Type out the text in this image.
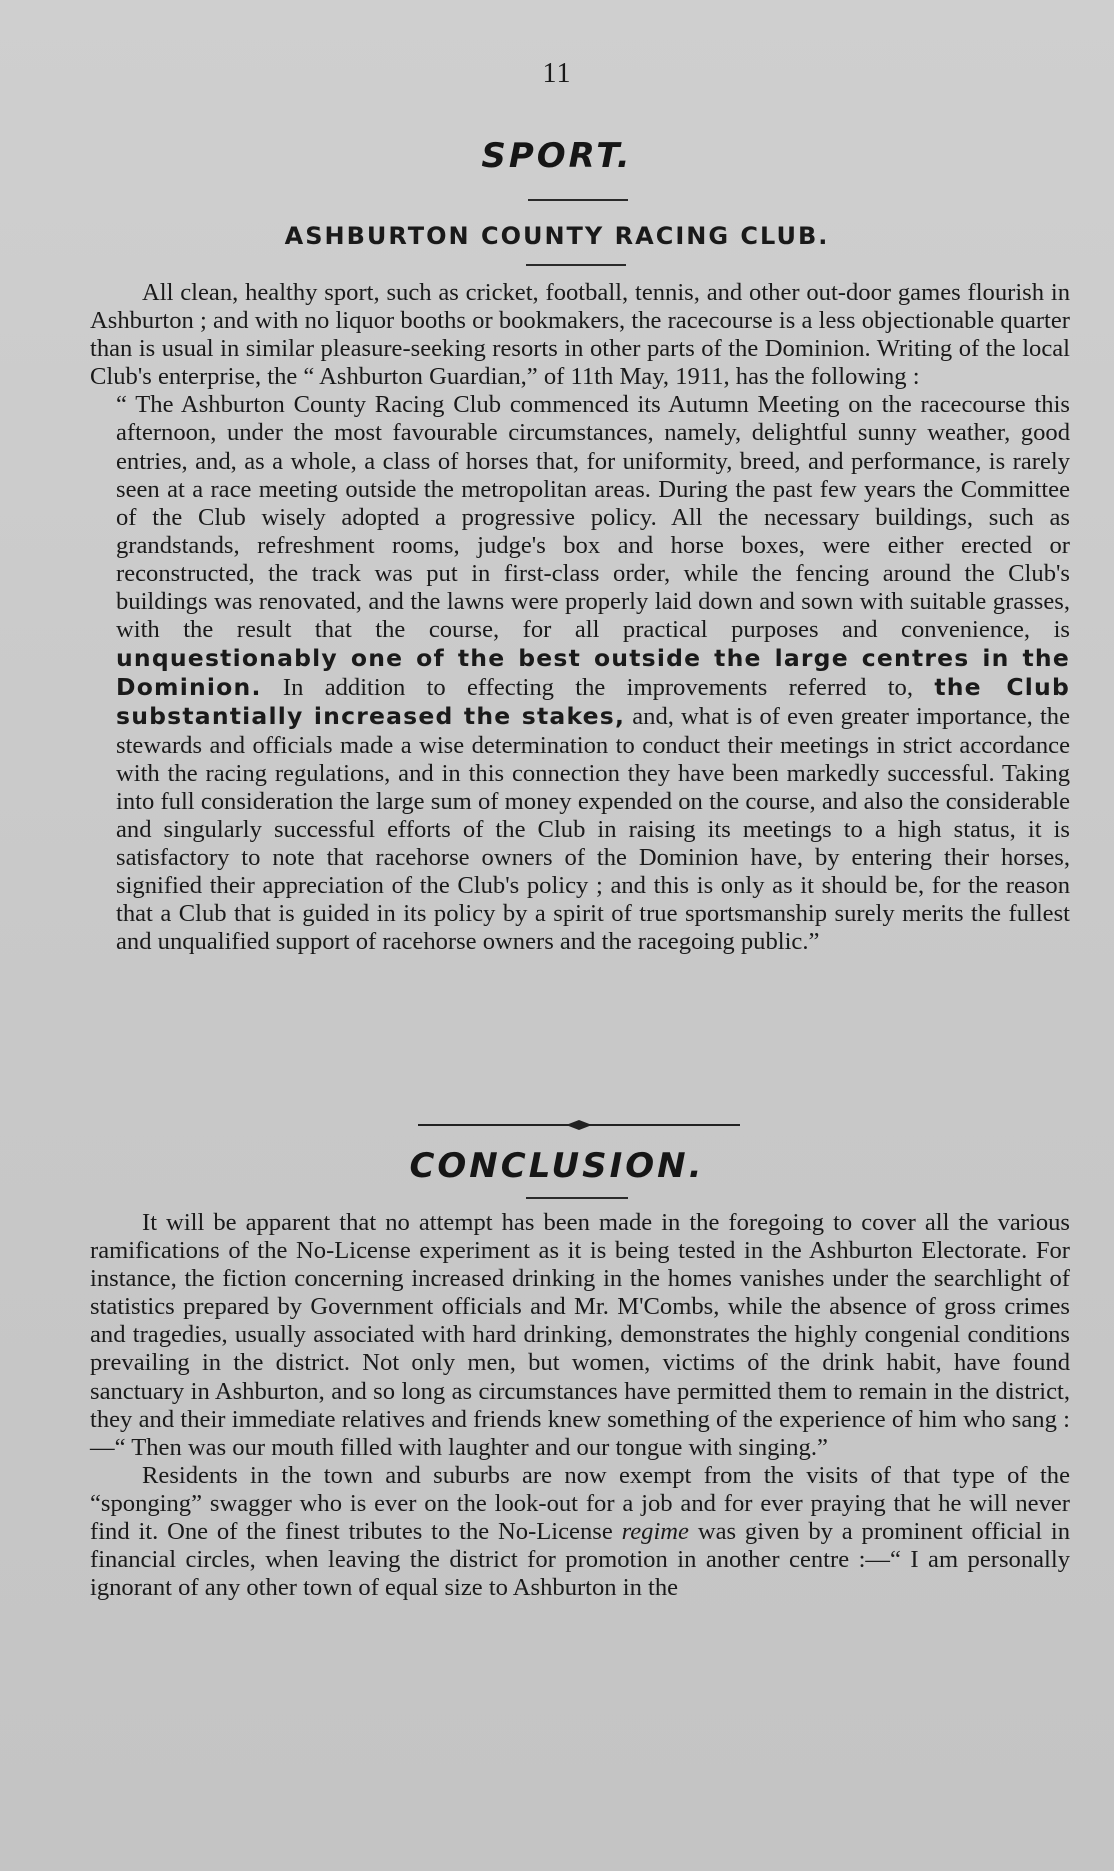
11
SPORT.
ASHBURTON COUNTY RACING CLUB.

All clean, healthy sport, such as cricket, football, tennis, and other out-door games flourish in Ashburton ; and with no liquor booths or bookmakers, the racecourse is a less objectionable quarter than is usual in similar pleasure-seeking resorts in other parts of the Dominion. Writing of the local Club's enterprise, the “ Ashburton Guardian,” of 11th May, 1911, has the following :

“ The Ashburton County Racing Club commenced its Autumn Meeting on the racecourse this afternoon, under the most favourable circumstances, namely, delightful sunny weather, good entries, and, as a whole, a class of horses that, for uniformity, breed, and performance, is rarely seen at a race meeting outside the metropolitan areas. During the past few years the Committee of the Club wisely adopted a progressive policy. All the necessary buildings, such as grandstands, refreshment rooms, judge's box and horse boxes, were either erected or reconstructed, the track was put in first-class order, while the fencing around the Club's buildings was renovated, and the lawns were properly laid down and sown with suitable grasses, with the result that the course, for all practical purposes and convenience, is unquestionably one of the best outside the large centres in the Dominion. In addition to effecting the improvements referred to, the Club substantially increased the stakes, and, what is of even greater importance, the stewards and officials made a wise determination to conduct their meetings in strict accordance with the racing regulations, and in this connection they have been markedly successful. Taking into full consideration the large sum of money expended on the course, and also the considerable and singularly successful efforts of the Club in raising its meetings to a high status, it is satisfactory to note that racehorse owners of the Dominion have, by entering their horses, signified their appreciation of the Club's policy ; and this is only as it should be, for the reason that a Club that is guided in its policy by a spirit of true sportsmanship surely merits the fullest and unqualified support of racehorse owners and the racegoing public.”

CONCLUSION.

It will be apparent that no attempt has been made in the foregoing to cover all the various ramifications of the No-License experiment as it is being tested in the Ashburton Electorate. For instance, the fiction concerning increased drinking in the homes vanishes under the searchlight of statistics prepared by Government officials and Mr. M'Combs, while the absence of gross crimes and tragedies, usually associated with hard drinking, demonstrates the highly congenial conditions prevailing in the district. Not only men, but women, victims of the drink habit, have found sanctuary in Ashburton, and so long as circumstances have permitted them to remain in the district, they and their immediate relatives and friends knew something of the experience of him who sang :—“ Then was our mouth filled with laughter and our tongue with singing.”

Residents in the town and suburbs are now exempt from the visits of that type of the “sponging” swagger who is ever on the look-out for a job and for ever praying that he will never find it. One of the finest tributes to the No-License regime was given by a prominent official in financial circles, when leaving the district for promotion in another centre :—“ I am personally ignorant of any other town of equal size to Ashburton in the
